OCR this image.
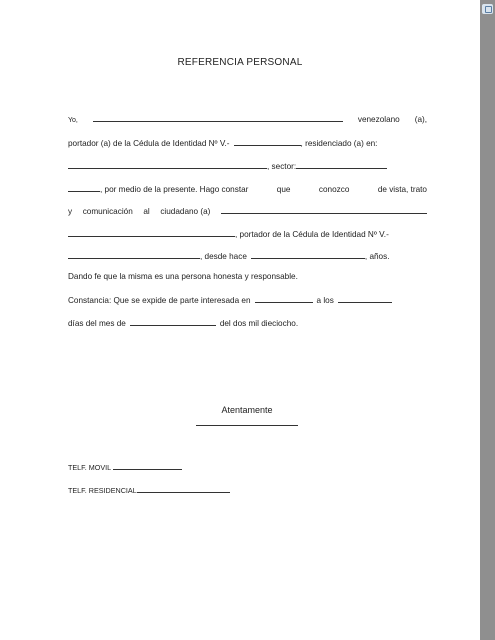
REFERENCIA PERSONAL
Yo,	venezolano (a),
portador (a) de la Cédula de Identidad Nº V.-	, residenciado (a) en:
, sector:
, por medio de la presente. Hago constar	que	conozco	de vista, trato
y comunicación al ciudadano (a)
, portador de la Cédula de Identidad Nº V.-
, desde hace	, años.
Dando fe que la misma es una persona honesta y responsable.
Constancia: Que se expide de parte interesada en	a los
días del mes de	del dos mil dieciocho.
Atentamente
TELF. MOVIL
TELF. RESIDENCIAL
